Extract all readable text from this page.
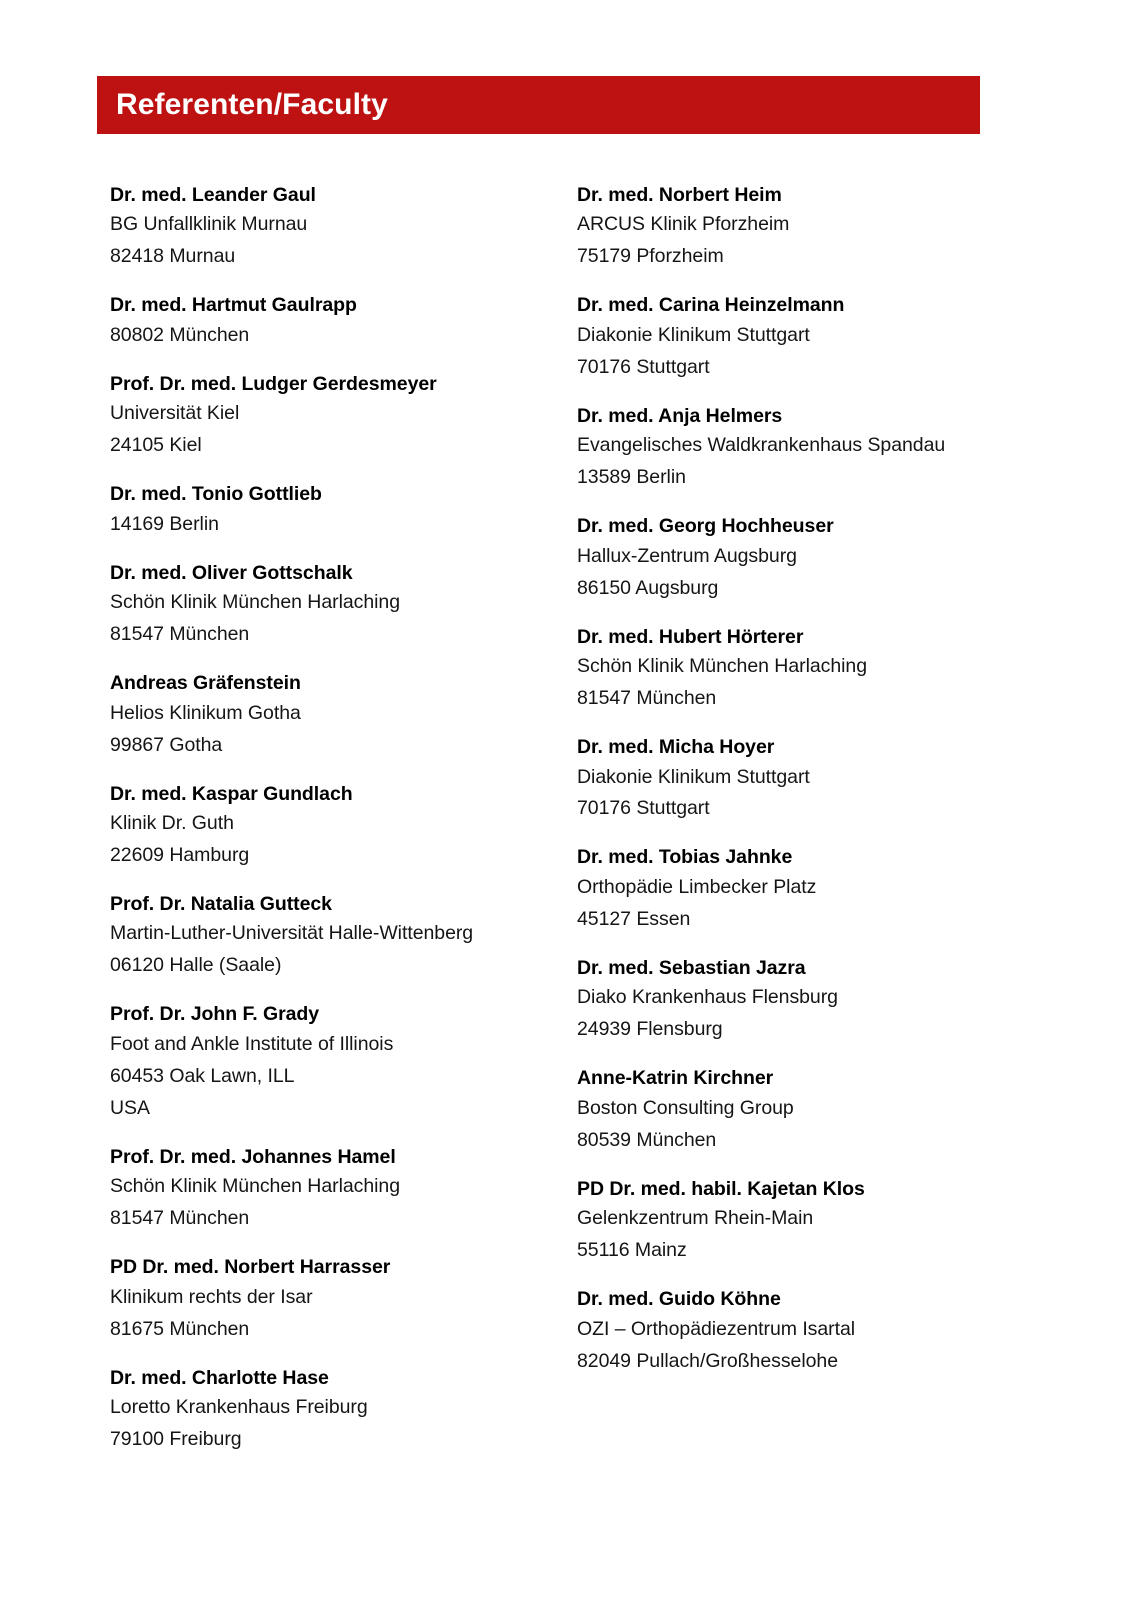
Referenten/Faculty
Dr. med. Leander Gaul
BG Unfallklinik Murnau
82418 Murnau
Dr. med. Hartmut Gaulrapp
80802 München
Prof. Dr. med. Ludger Gerdesmeyer
Universität Kiel
24105 Kiel
Dr. med. Tonio Gottlieb
14169 Berlin
Dr. med. Oliver Gottschalk
Schön Klinik München Harlaching
81547 München
Andreas Gräfenstein
Helios Klinikum Gotha
99867 Gotha
Dr. med. Kaspar Gundlach
Klinik Dr. Guth
22609 Hamburg
Prof. Dr. Natalia Gutteck
Martin-Luther-Universität Halle-Wittenberg
06120 Halle (Saale)
Prof. Dr. John F. Grady
Foot and Ankle Institute of Illinois
60453 Oak Lawn, ILL
USA
Prof. Dr. med. Johannes Hamel
Schön Klinik München Harlaching
81547 München
PD Dr. med. Norbert Harrasser
Klinikum rechts der Isar
81675 München
Dr. med. Charlotte Hase
Loretto Krankenhaus Freiburg
79100 Freiburg
Dr. med. Norbert Heim
ARCUS Klinik Pforzheim
75179 Pforzheim
Dr. med. Carina Heinzelmann
Diakonie Klinikum Stuttgart
70176 Stuttgart
Dr. med. Anja Helmers
Evangelisches Waldkrankenhaus Spandau
13589 Berlin
Dr. med. Georg Hochheuser
Hallux-Zentrum Augsburg
86150 Augsburg
Dr. med. Hubert Hörterer
Schön Klinik München Harlaching
81547 München
Dr. med. Micha Hoyer
Diakonie Klinikum Stuttgart
70176 Stuttgart
Dr. med. Tobias Jahnke
Orthopädie Limbecker Platz
45127 Essen
Dr. med. Sebastian Jazra
Diako Krankenhaus Flensburg
24939 Flensburg
Anne-Katrin Kirchner
Boston Consulting Group
80539 München
PD Dr. med. habil. Kajetan Klos
Gelenkzentrum Rhein-Main
55116 Mainz
Dr. med. Guido Köhne
OZI – Orthopädiezentrum Isartal
82049 Pullach/Großhesselohe
